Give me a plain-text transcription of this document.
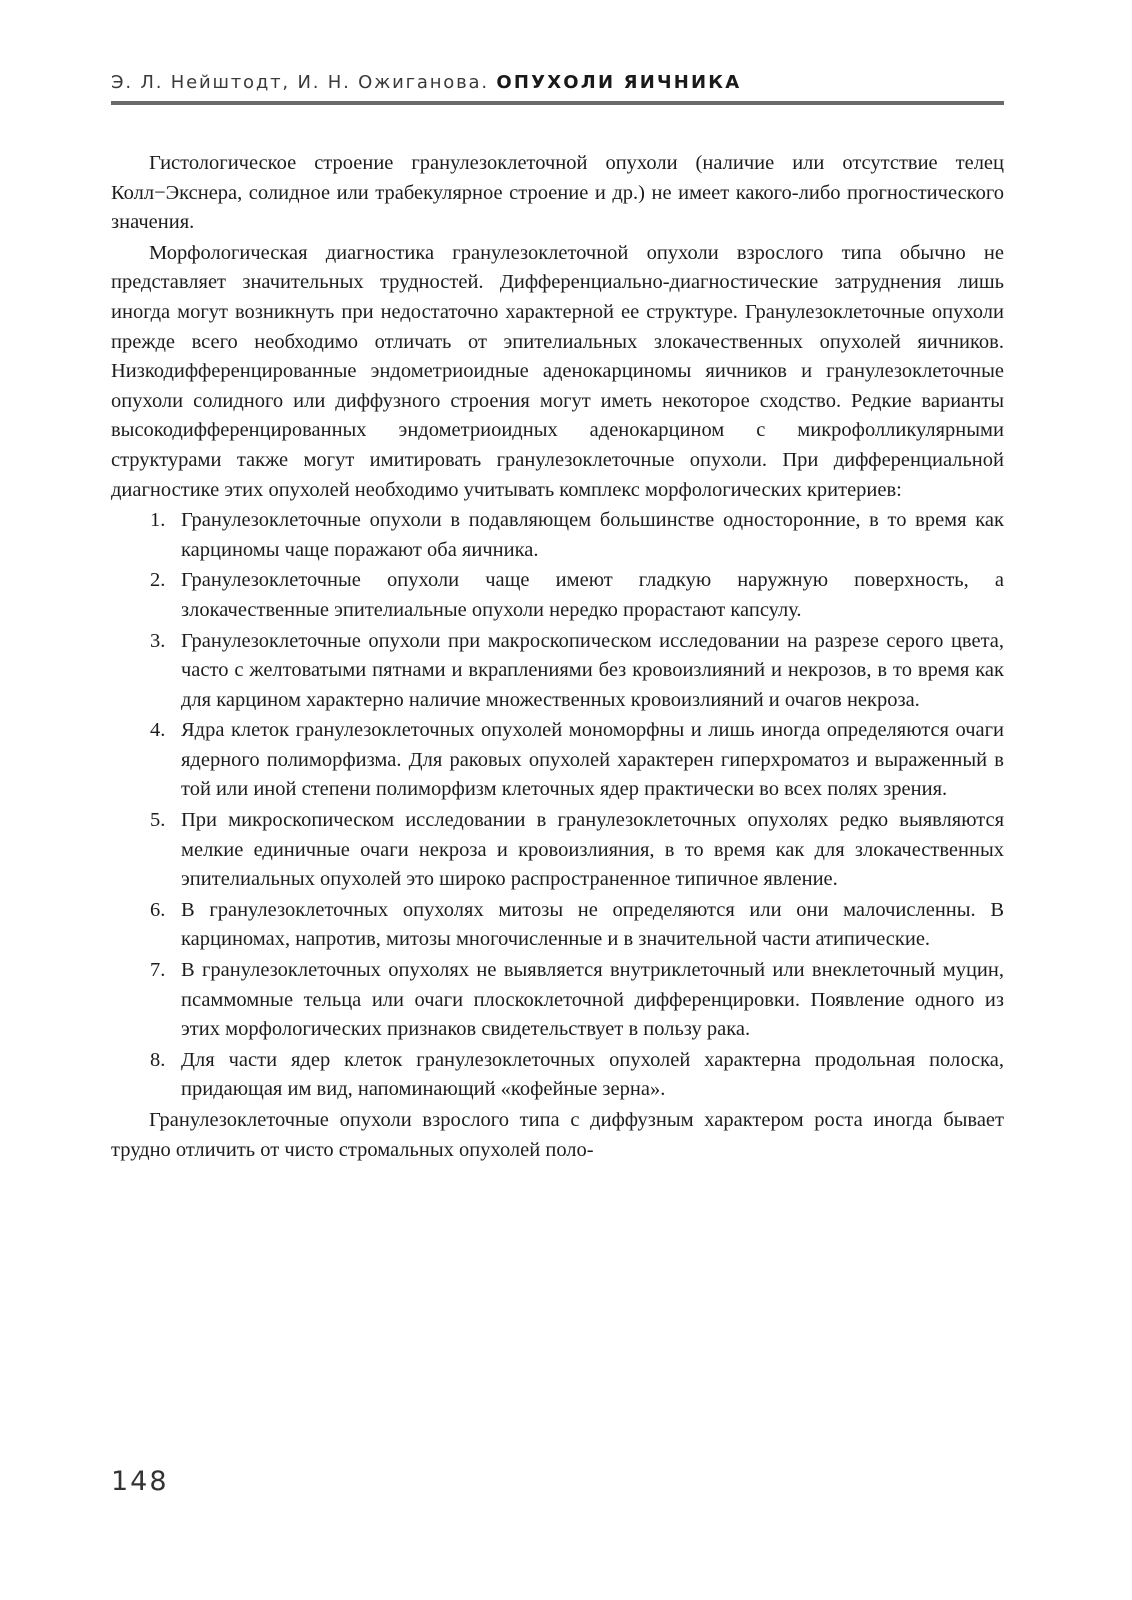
Э. Л. Нейштодт, И. Н. Ожиганова. ОПУХОЛИ ЯИЧНИКА

Гистологическое строение гранулезоклеточной опухоли (наличие или отсутствие телец Колл−Экснера, солидное или трабекулярное строение и др.) не имеет какого-либо прогностического значения.

Морфологическая диагностика гранулезоклеточной опухоли взрослого типа обычно не представляет значительных трудностей. Дифференциально-диагностические затруднения лишь иногда могут возникнуть при недостаточно характерной ее структуре. Гранулезоклеточные опухоли прежде всего необходимо отличать от эпителиальных злокачественных опухолей яичников. Низкодифференцированные эндометриоидные аденокарциномы яичников и гранулезоклеточные опухоли солидного или диффузного строения могут иметь некоторое сходство. Редкие варианты высокодифференцированных эндометриоидных аденокарцином с микрофолликулярными структурами также могут имитировать гранулезоклеточные опухоли. При дифференциальной диагностике этих опухолей необходимо учитывать комплекс морфологических критериев:

1. Гранулезоклеточные опухоли в подавляющем большинстве односторонние, в то время как карциномы чаще поражают оба яичника.
2. Гранулезоклеточные опухоли чаще имеют гладкую наружную поверхность, а злокачественные эпителиальные опухоли нередко прорастают капсулу.
3. Гранулезоклеточные опухоли при макроскопическом исследовании на разрезе серого цвета, часто с желтоватыми пятнами и вкраплениями без кровоизлияний и некрозов, в то время как для карцином характерно наличие множественных кровоизлияний и очагов некроза.
4. Ядра клеток гранулезоклеточных опухолей мономорфны и лишь иногда определяются очаги ядерного полиморфизма. Для раковых опухолей характерен гиперхроматоз и выраженный в той или иной степени полиморфизм клеточных ядер практически во всех полях зрения.
5. При микроскопическом исследовании в гранулезоклеточных опухолях редко выявляются мелкие единичные очаги некроза и кровоизлияния, в то время как для злокачественных эпителиальных опухолей это широко распространенное типичное явление.
6. В гранулезоклеточных опухолях митозы не определяются или они малочисленны. В карциномах, напротив, митозы многочисленные и в значительной части атипические.
7. В гранулезоклеточных опухолях не выявляется внутриклеточный или внеклеточный муцин, псаммомные тельца или очаги плоскоклеточной дифференцировки. Появление одного из этих морфологических признаков свидетельствует в пользу рака.
8. Для части ядер клеток гранулезоклеточных опухолей характерна продольная полоска, придающая им вид, напоминающий «кофейные зерна».

Гранулезоклеточные опухоли взрослого типа с диффузным характером роста иногда бывает трудно отличить от чисто стромальных опухолей поло-

148
